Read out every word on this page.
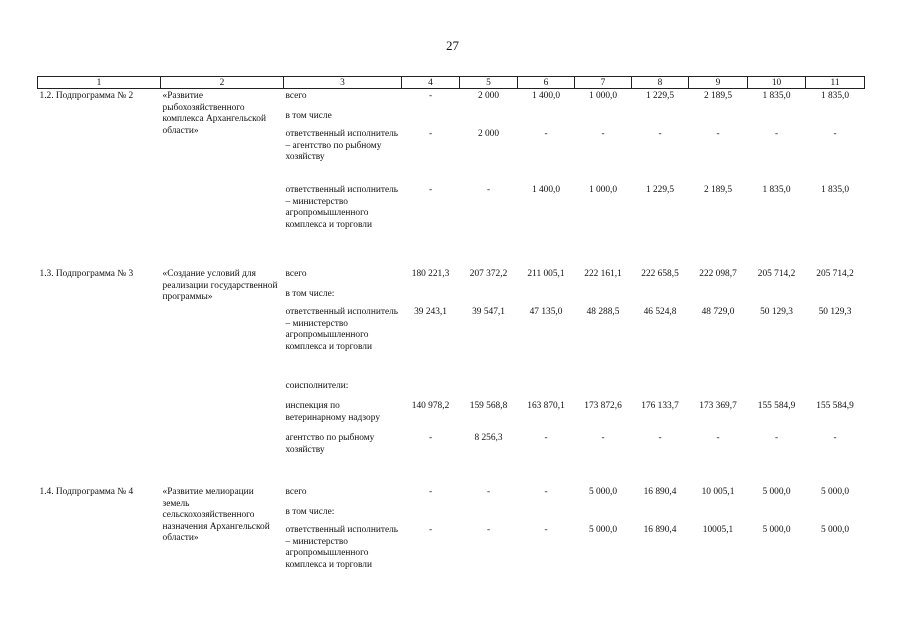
27
1	2	3	4	5	6	7	8	9	10	11
1.2. Подпрограмма № 2	«Развитие рыбохозяйственного комплекса Архангельской области»	всего	-	2 000	1 400,0	1 000,0	1 229,5	2 189,5	1 835,0	1 835,0
		в том числе								
		ответственный исполнитель – агентство по рыбному хозяйству	-	2 000	-	-	-	-	-	-
		ответственный исполнитель – министерство агропромышленного комплекса и торговли	-	-	1 400,0	1 000,0	1 229,5	2 189,5	1 835,0	1 835,0

1.3. Подпрограмма № 3	«Создание условий для реализации государственной программы»	всего	180 221,3	207 372,2	211 005,1	222 161,1	222 658,5	222 098,7	205 714,2	205 714,2
		в том числе:								
		ответственный исполнитель – министерство агропромышленного комплекса и торговли	39 243,1	39 547,1	47 135,0	48 288,5	46 524,8	48 729,0	50 129,3	50 129,3
		соисполнители:								
		инспекция по ветеринарному надзору	140 978,2	159 568,8	163 870,1	173 872,6	176 133,7	173 369,7	155 584,9	155 584,9
		агентство по рыбному хозяйству	-	8 256,3	-	-	-	-	-	-

1.4. Подпрограмма № 4	«Развитие мелиорации земель сельскохозяйственного назначения Архангельской области»	всего	-	-	-	5 000,0	16 890,4	10 005,1	5 000,0	5 000,0
		в том числе:								
		ответственный исполнитель – министерство агропромышленного комплекса и торговли	-	-	-	5 000,0	16 890,4	10005,1	5 000,0	5 000,0
